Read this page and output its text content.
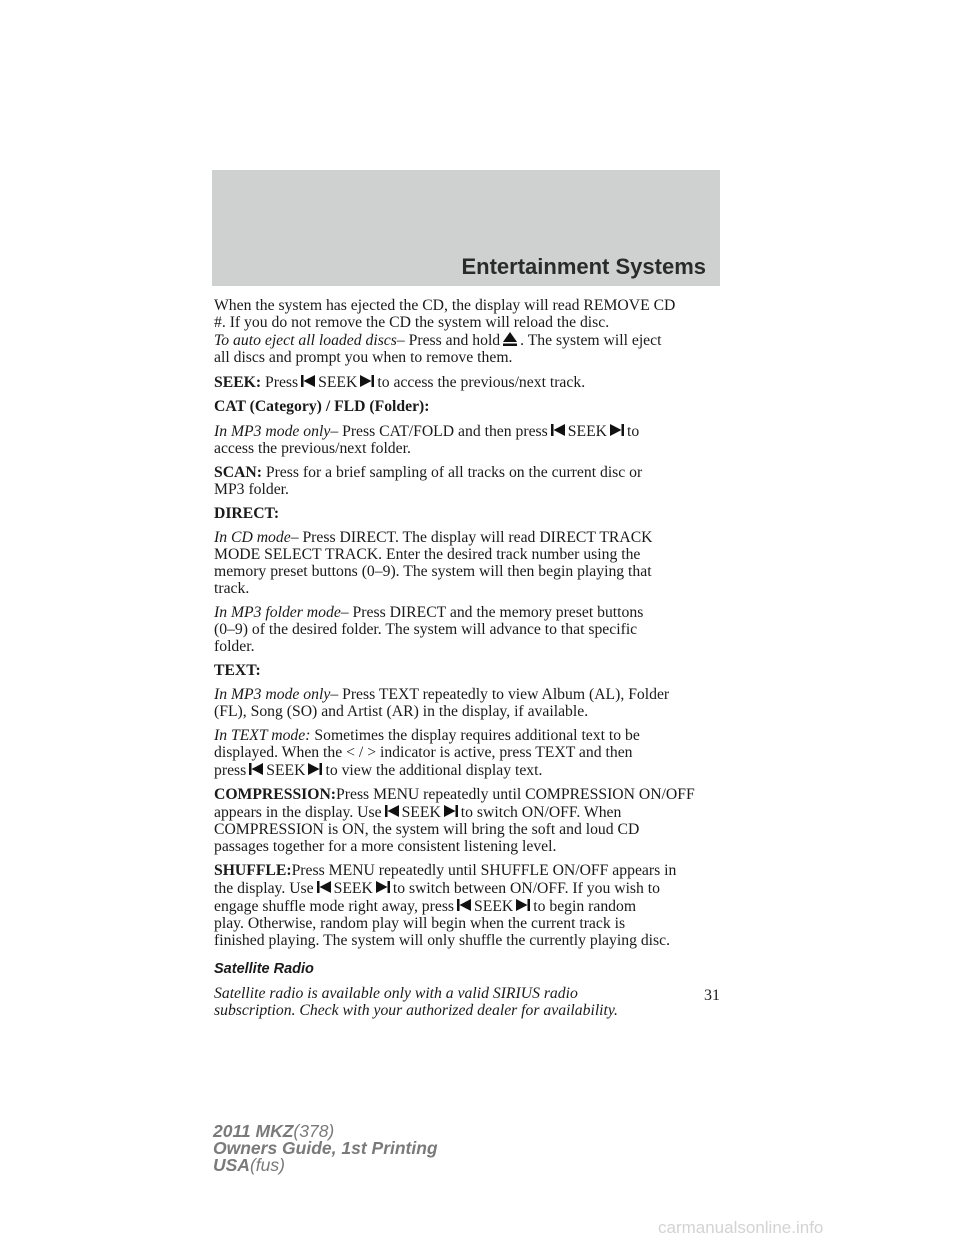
Entertainment Systems

When the system has ejected the CD, the display will read REMOVE CD
#. If you do not remove the CD the system will reload the disc.
To auto eject all loaded discs– Press and hold . The system will eject
all discs and prompt you when to remove them.

SEEK: Press SEEK to access the previous/next track.

CAT (Category) / FLD (Folder):

In MP3 mode only– Press CAT/FOLD and then press SEEK to
access the previous/next folder.

SCAN: Press for a brief sampling of all tracks on the current disc or
MP3 folder.

DIRECT:

In CD mode– Press DIRECT. The display will read DIRECT TRACK
MODE SELECT TRACK. Enter the desired track number using the
memory preset buttons (0–9). The system will then begin playing that
track.

In MP3 folder mode– Press DIRECT and the memory preset buttons
(0–9) of the desired folder. The system will advance to that specific
folder.

TEXT:

In MP3 mode only– Press TEXT repeatedly to view Album (AL), Folder
(FL), Song (SO) and Artist (AR) in the display, if available.

In TEXT mode: Sometimes the display requires additional text to be
displayed. When the < / > indicator is active, press TEXT and then
press SEEK to view the additional display text.

COMPRESSION:Press MENU repeatedly until COMPRESSION ON/OFF
appears in the display. Use SEEK to switch ON/OFF. When
COMPRESSION is ON, the system will bring the soft and loud CD
passages together for a more consistent listening level.

SHUFFLE:Press MENU repeatedly until SHUFFLE ON/OFF appears in
the display. Use SEEK to switch between ON/OFF. If you wish to
engage shuffle mode right away, press SEEK to begin random
play. Otherwise, random play will begin when the current track is
finished playing. The system will only shuffle the currently playing disc.

Satellite Radio

Satellite radio is available only with a valid SIRIUS radio
subscription. Check with your authorized dealer for availability.

31
2011 MKZ(378)
Owners Guide, 1st Printing
USA(fus)
carmanualsonline.info
